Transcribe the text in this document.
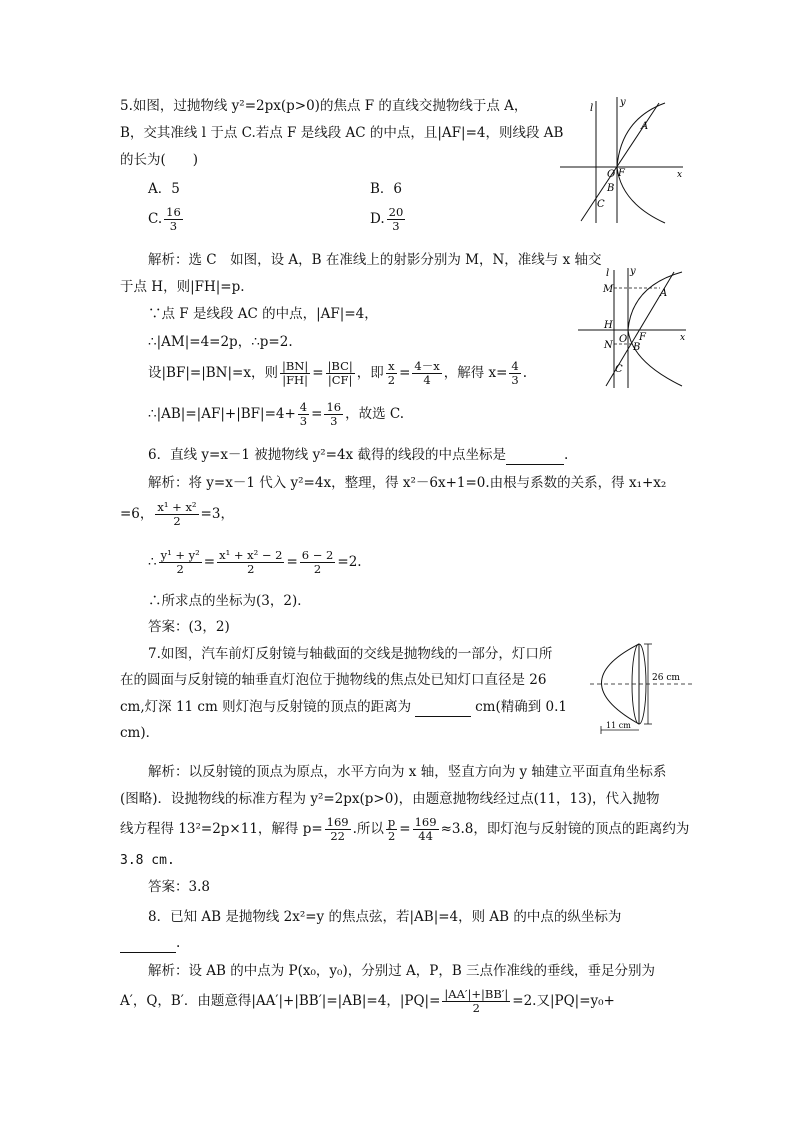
5.如图，过抛物线 y²=2px(p>0)的焦点 F 的直线交抛物线于点 A，
B，交其准线 l 于点 C.若点 F 是线段 AC 的中点，且|AF|=4，则线段 AB
的长为(　　)
A．5	B．6
C. $\frac{16}{3}$	D. $\frac{20}{3}$
l
y
x
A
O F
B
C
解析：选 C　如图，设 A，B 在准线上的射影分别为 M，N，准线与 x 轴交
于点 H，则|FH|=p.
∵点 F 是线段 AC 的中点，|AF|=4，
∴|AM|=4=2p，∴p=2.
设|BF|=|BN|=x，则 $\frac{|BN|}{|FH|} = \frac{|BC|}{|CF|}$ ，即 $\frac{x}{2} = \frac{4-x}{4}$ ，解得 $x= \frac{4}{3}$ .
∴|AB|=|AF|+|BF|=4+ $\frac{4}{3} = \frac{16}{3}$ ，故选 C.
l y
x
M	A
H
N
O F
B
C
6．直线 y=x－1 被抛物线 y²=4x 截得的线段的中点坐标是	.
解析：将 y=x－1 代入 y²=4x，整理，得 x²－6x+1=0.由根与系数的关系，得 x₁+x₂
=6， $\frac{\text{x¹ + x²}}{2} =3$，
∴ $\frac{\text{y¹ + y²}}{2} = \frac{\text{x¹ + x² − 2}}{2} = \frac{6 - 2}{2} =2$.
∴所求点的坐标为(3，2)．
答案：(3，2)
7.如图，汽车前灯反射镜与轴截面的交线是抛物线的一部分，灯口所
在的圆面与反射镜的轴垂直灯泡位于抛物线的焦点处已知灯口直径是 26
cm,灯深 11 cm 则灯泡与反射镜的顶点的距离为	cm(精确到 0.1
cm)．
26 cm
11 cm
解析：以反射镜的顶点为原点，水平方向为 x 轴，竖直方向为 y 轴建立平面直角坐标系
(图略)．设抛物线的标准方程为 y²=2px(p>0)，由题意抛物线经过点(11，13)，代入抛物
线方程得 13²=2p×11，解得 $p= \frac{169}{22}$ .所以 $\frac{p}{2} = \frac{169}{44} \approx 3.8$，即灯泡与反射镜的顶点的距离约为
3.8 cm.
答案：3.8
8．已知 AB 是抛物线 2x²=y 的焦点弦，若|AB|=4，则 AB 的中点的纵坐标为
.
解析：设 AB 的中点为 P(x₀，y₀)，分别过 A，P，B 三点作准线的垂线，垂足分别为
A′，Q，B′．由题意得|AA′|+|BB′|=|AB|=4，$|PQ|= \frac{|AA'|+|BB'|}{2} =2$.又|PQ|=y₀+
